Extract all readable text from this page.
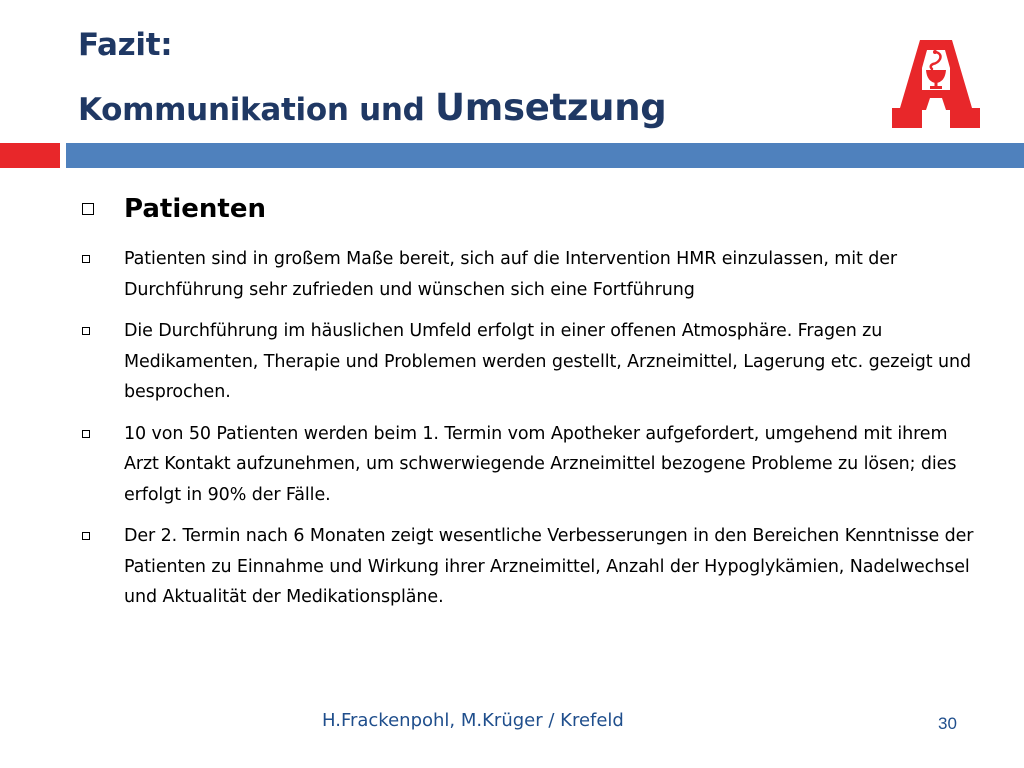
Fazit:
Kommunikation und Umsetzung
Patienten
Patienten sind in großem Maße bereit, sich auf die Intervention HMR einzulassen, mit der Durchführung sehr zufrieden und wünschen sich eine Fortführung
Die Durchführung im häuslichen Umfeld erfolgt in einer offenen Atmosphäre. Fragen zu Medikamenten, Therapie und Problemen werden gestellt, Arzneimittel, Lagerung etc. gezeigt und besprochen.
10 von 50 Patienten werden beim 1. Termin vom Apotheker aufgefordert, umgehend mit ihrem Arzt Kontakt aufzunehmen, um schwerwiegende Arzneimittel bezogene Probleme zu lösen; dies erfolgt in 90% der Fälle.
Der 2. Termin nach 6 Monaten zeigt wesentliche Verbesserungen in den Bereichen Kenntnisse der Patienten zu Einnahme und Wirkung ihrer Arzneimittel, Anzahl der Hypoglykämien, Nadelwechsel und Aktualität der Medikationspläne.
H.Frackenpohl, M.Krüger / Krefeld	30
